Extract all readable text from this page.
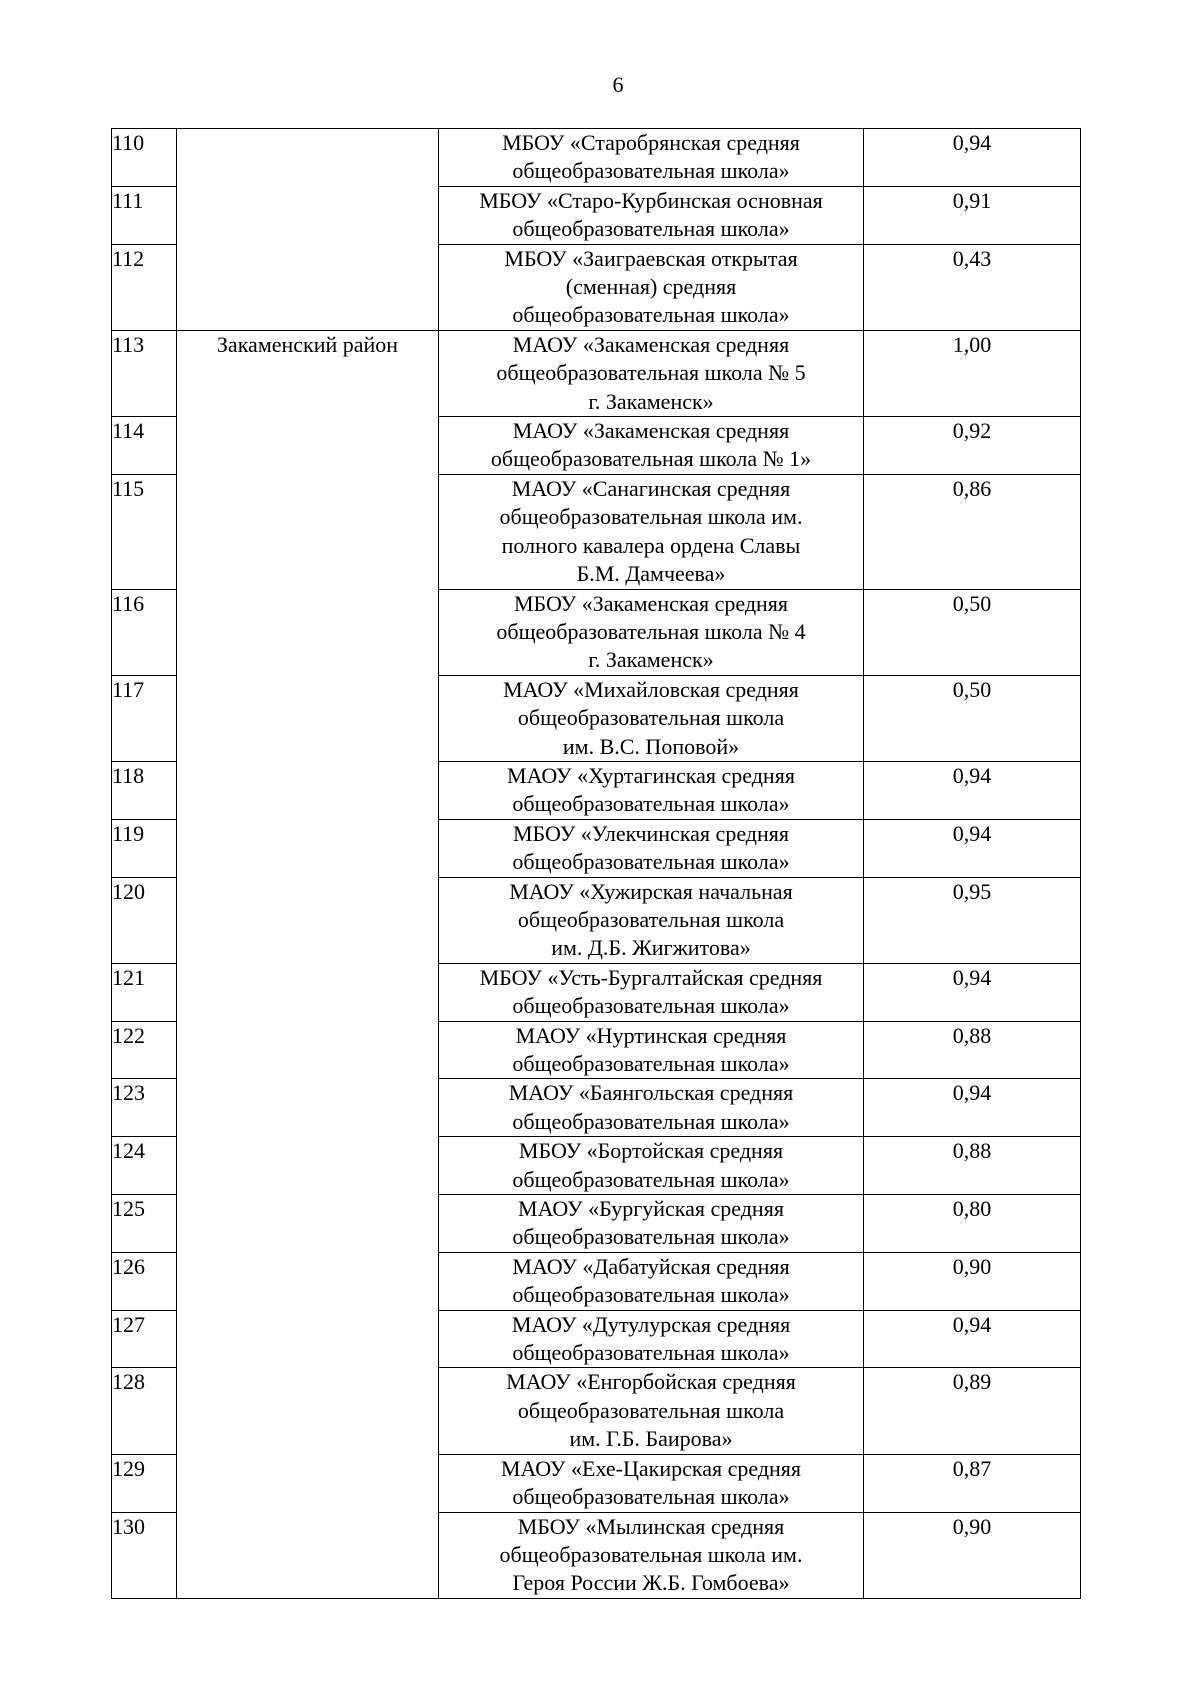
6
110		МБОУ «Старобрянская средняя
общеобразовательная школа»	0,94
111		МБОУ «Старо-Курбинская основная
общеобразовательная школа»	0,91
112		МБОУ «Заиграевская открытая
(сменная) средняя
общеобразовательная школа»	0,43
113	Закаменский район	МАОУ «Закаменская средняя
общеобразовательная школа № 5
г. Закаменск»	1,00
114		МАОУ «Закаменская средняя
общеобразовательная школа № 1»	0,92
115		МАОУ «Санагинская средняя
общеобразовательная школа им.
полного кавалера ордена Славы
Б.М. Дамчеева»	0,86
116		МБОУ «Закаменская средняя
общеобразовательная школа № 4
г. Закаменск»	0,50
117		МАОУ «Михайловская средняя
общеобразовательная школа
им. В.С. Поповой»	0,50
118		МАОУ «Хуртагинская средняя
общеобразовательная школа»	0,94
119		МБОУ «Улекчинская средняя
общеобразовательная школа»	0,94
120		МАОУ «Хужирская начальная
общеобразовательная школа
им. Д.Б. Жигжитова»	0,95
121		МБОУ «Усть-Бургалтайская средняя
общеобразовательная школа»	0,94
122		МАОУ «Нуртинская средняя
общеобразовательная школа»	0,88
123		МАОУ «Баянгольская средняя
общеобразовательная школа»	0,94
124		МБОУ «Бортойская средняя
общеобразовательная школа»	0,88
125		МАОУ «Бургуйская средняя
общеобразовательная школа»	0,80
126		МАОУ «Дабатуйская средняя
общеобразовательная школа»	0,90
127		МАОУ «Дутулурская средняя
общеобразовательная школа»	0,94
128		МАОУ «Енгорбойская средняя
общеобразовательная школа
им. Г.Б. Баирова»	0,89
129		МАОУ «Ехе-Цакирская средняя
общеобразовательная школа»	0,87
130		МБОУ «Мылинская средняя
общеобразовательная школа им.
Героя России Ж.Б. Гомбоева»	0,90
